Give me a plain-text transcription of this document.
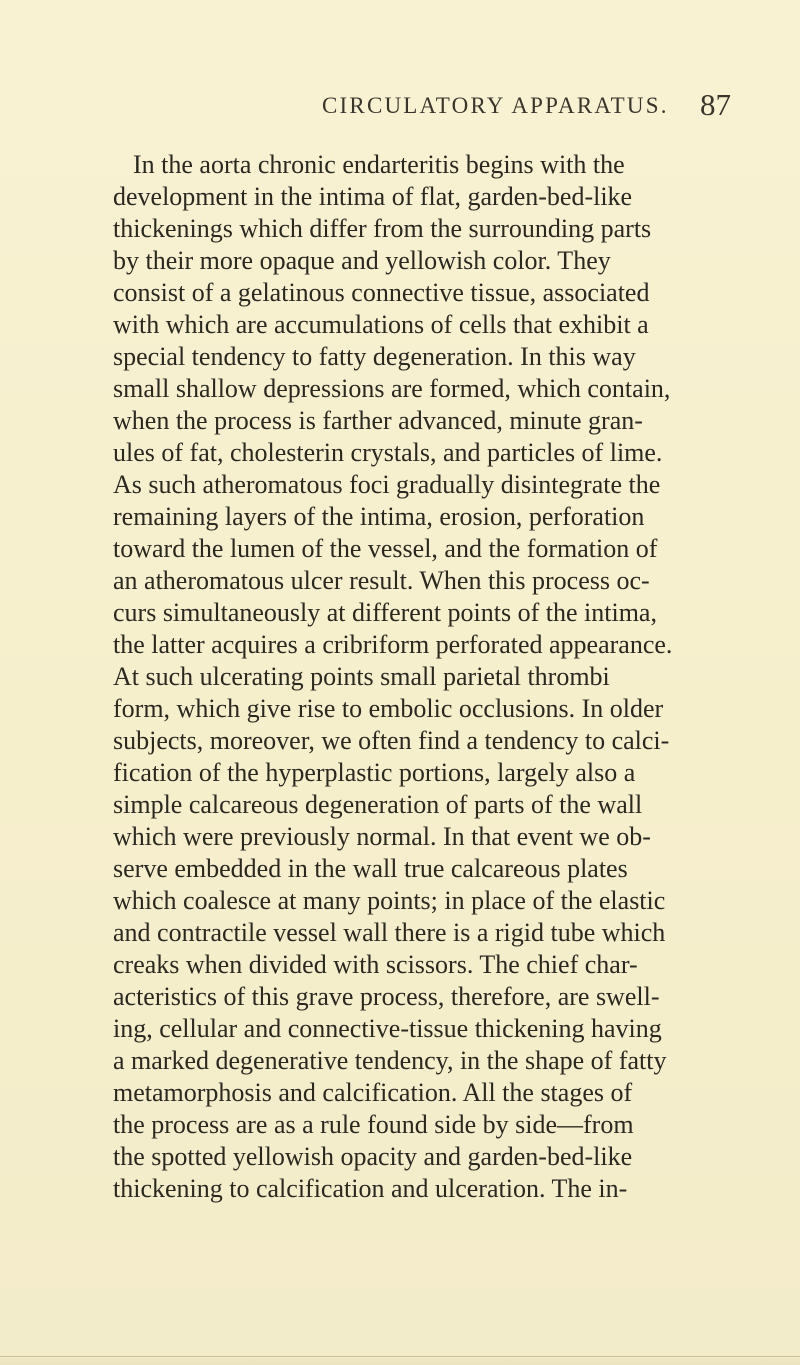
CIRCULATORY APPARATUS. 87
In the aorta chronic endarteritis begins with the
development in the intima of flat, garden-bed-like
thickenings which differ from the surrounding parts
by their more opaque and yellowish color. They
consist of a gelatinous connective tissue, associated
with which are accumulations of cells that exhibit a
special tendency to fatty degeneration. In this way
small shallow depressions are formed, which contain,
when the process is farther advanced, minute gran-
ules of fat, cholesterin crystals, and particles of lime.
As such atheromatous foci gradually disintegrate the
remaining layers of the intima, erosion, perforation
toward the lumen of the vessel, and the formation of
an atheromatous ulcer result. When this process oc-
curs simultaneously at different points of the intima,
the latter acquires a cribriform perforated appearance.
At such ulcerating points small parietal thrombi
form, which give rise to embolic occlusions. In older
subjects, moreover, we often find a tendency to calci-
fication of the hyperplastic portions, largely also a
simple calcareous degeneration of parts of the wall
which were previously normal. In that event we ob-
serve embedded in the wall true calcareous plates
which coalesce at many points; in place of the elastic
and contractile vessel wall there is a rigid tube which
creaks when divided with scissors. The chief char-
acteristics of this grave process, therefore, are swell-
ing, cellular and connective-tissue thickening having
a marked degenerative tendency, in the shape of fatty
metamorphosis and calcification. All the stages of
the process are as a rule found side by side—from
the spotted yellowish opacity and garden-bed-like
thickening to calcification and ulceration. The in-
